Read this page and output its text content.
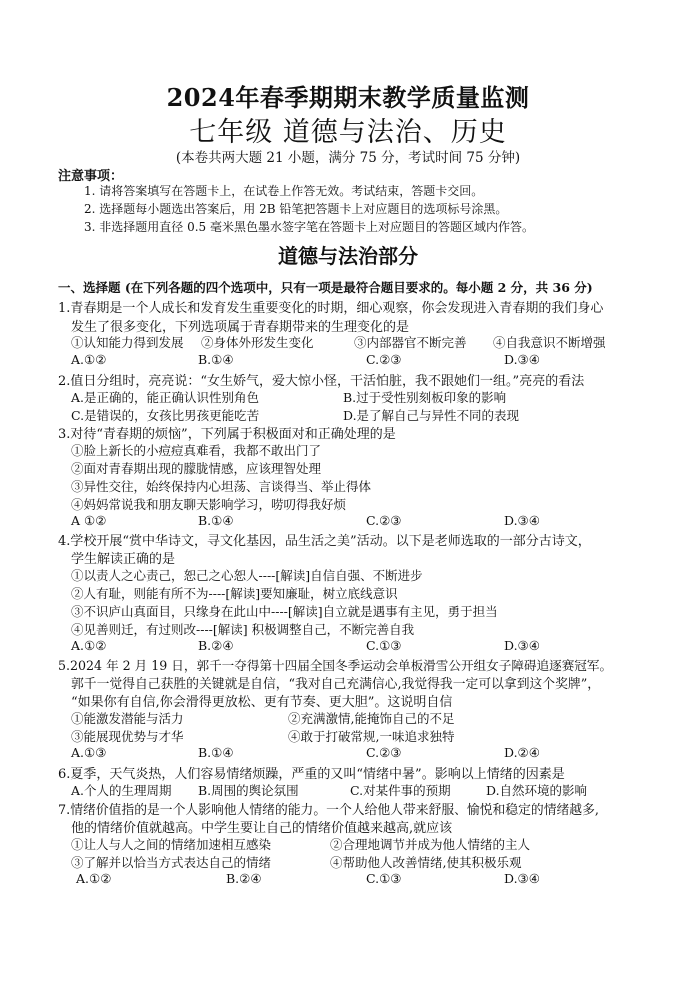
2024年春季期期末教学质量监测
七年级 道德与法治、历史
(本卷共两大题 21 小题，满分 75 分，考试时间 75 分钟)
注意事项：
1. 请将答案填写在答题卡上，在试卷上作答无效。考试结束，答题卡交回。
2. 选择题每小题选出答案后，用 2B 铅笔把答题卡上对应题目的选项标号涂黑。
3. 非选择题用直径 0.5 毫米黑色墨水签字笔在答题卡上对应题目的答题区域内作答。
道德与法治部分
一、选择题 (在下列各题的四个选项中，只有一项是最符合题目要求的。每小题 2 分，共 36 分)
1.青春期是一个人成长和发育发生重要变化的时期，细心观察，你会发现进入青春期的我们身心
发生了很多变化，下列选项属于青春期带来的生理变化的是
①认知能力得到发展 ②身体外形发生变化	③内部器官不断完善 ④自我意识不断增强
A.①②	B.①④	C.②③	D.③④
2.值日分组时，亮亮说：“女生娇气，爱大惊小怪，干活怕脏，我不跟她们一组。”亮亮的看法
A.是正确的，能正确认识性别角色	B.过于受性别刻板印象的影响
C.是错误的，女孩比男孩更能吃苦	D.是了解自己与异性不同的表现
3.对待“青春期的烦恼”，下列属于积极面对和正确处理的是
①脸上新长的小痘痘真难看，我都不敢出门了
②面对青春期出现的朦胧情感，应该理智处理
③异性交往，始终保持内心坦荡、言谈得当、举止得体
④妈妈常说我和朋友聊天影响学习，唠叨得我好烦
A ①②	B.①④	C.②③	D.③④
4.学校开展“赏中华诗文，寻文化基因，品生活之美”活动。以下是老师选取的一部分古诗文，
学生解读正确的是
①以责人之心责己，恕己之心恕人----[解读]自信自强、不断进步
②人有耻，则能有所不为----[解读]要知廉耻，树立底线意识
③不识庐山真面目，只缘身在此山中----[解读]自立就是遇事有主见，勇于担当
④见善则迁，有过则改----[解读] 积极调整自己，不断完善自我
A.①②	B.②④	C.①③	D.③④
5.2024 年 2 月 19 日，郭千一夺得第十四届全国冬季运动会单板滑雪公开组女子障碍追逐赛冠军。
郭千一觉得自己获胜的关键就是自信，“我对自己充满信心,我觉得我一定可以拿到这个奖牌”，
“如果你有自信,你会滑得更放松、更有节奏、更大胆”。这说明自信
①能激发潜能与活力	②充满激情,能掩饰自己的不足
③能展现优势与才华	④敢于打破常规,一味追求独特
A.①③	B.①④	C.②③	D.②④
6.夏季，天气炎热，人们容易情绪烦躁，严重的又叫“情绪中暑”。影响以上情绪的因素是
A.个人的生理周期 B.周围的舆论氛围	C.对某件事的预期	D.自然环境的影响
7.情绪价值指的是一个人影响他人情绪的能力。一个人给他人带来舒服、愉悦和稳定的情绪越多,
他的情绪价值就越高。中学生要让自己的情绪价值越来越高,就应该
①让人与人之间的情绪加速相互感染	②合理地调节并成为他人情绪的主人
③了解并以恰当方式表达自己的情绪	④帮助他人改善情绪,使其积极乐观
A.①②	B.②④	C.①③	D.③④
